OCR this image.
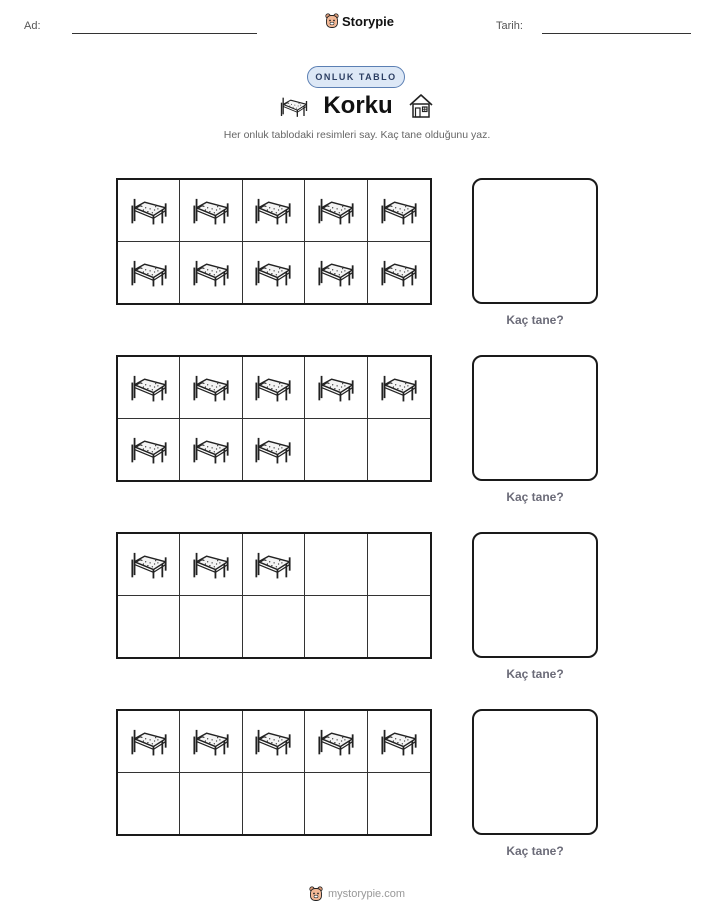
Ad:	Storypie	Tarih:
ONLUK TABLO
Korku
Her onluk tablodaki resimleri say. Kaç tane olduğunu yaz.
Kaç tane?
Kaç tane?
Kaç tane?
Kaç tane?
mystorypie.com
